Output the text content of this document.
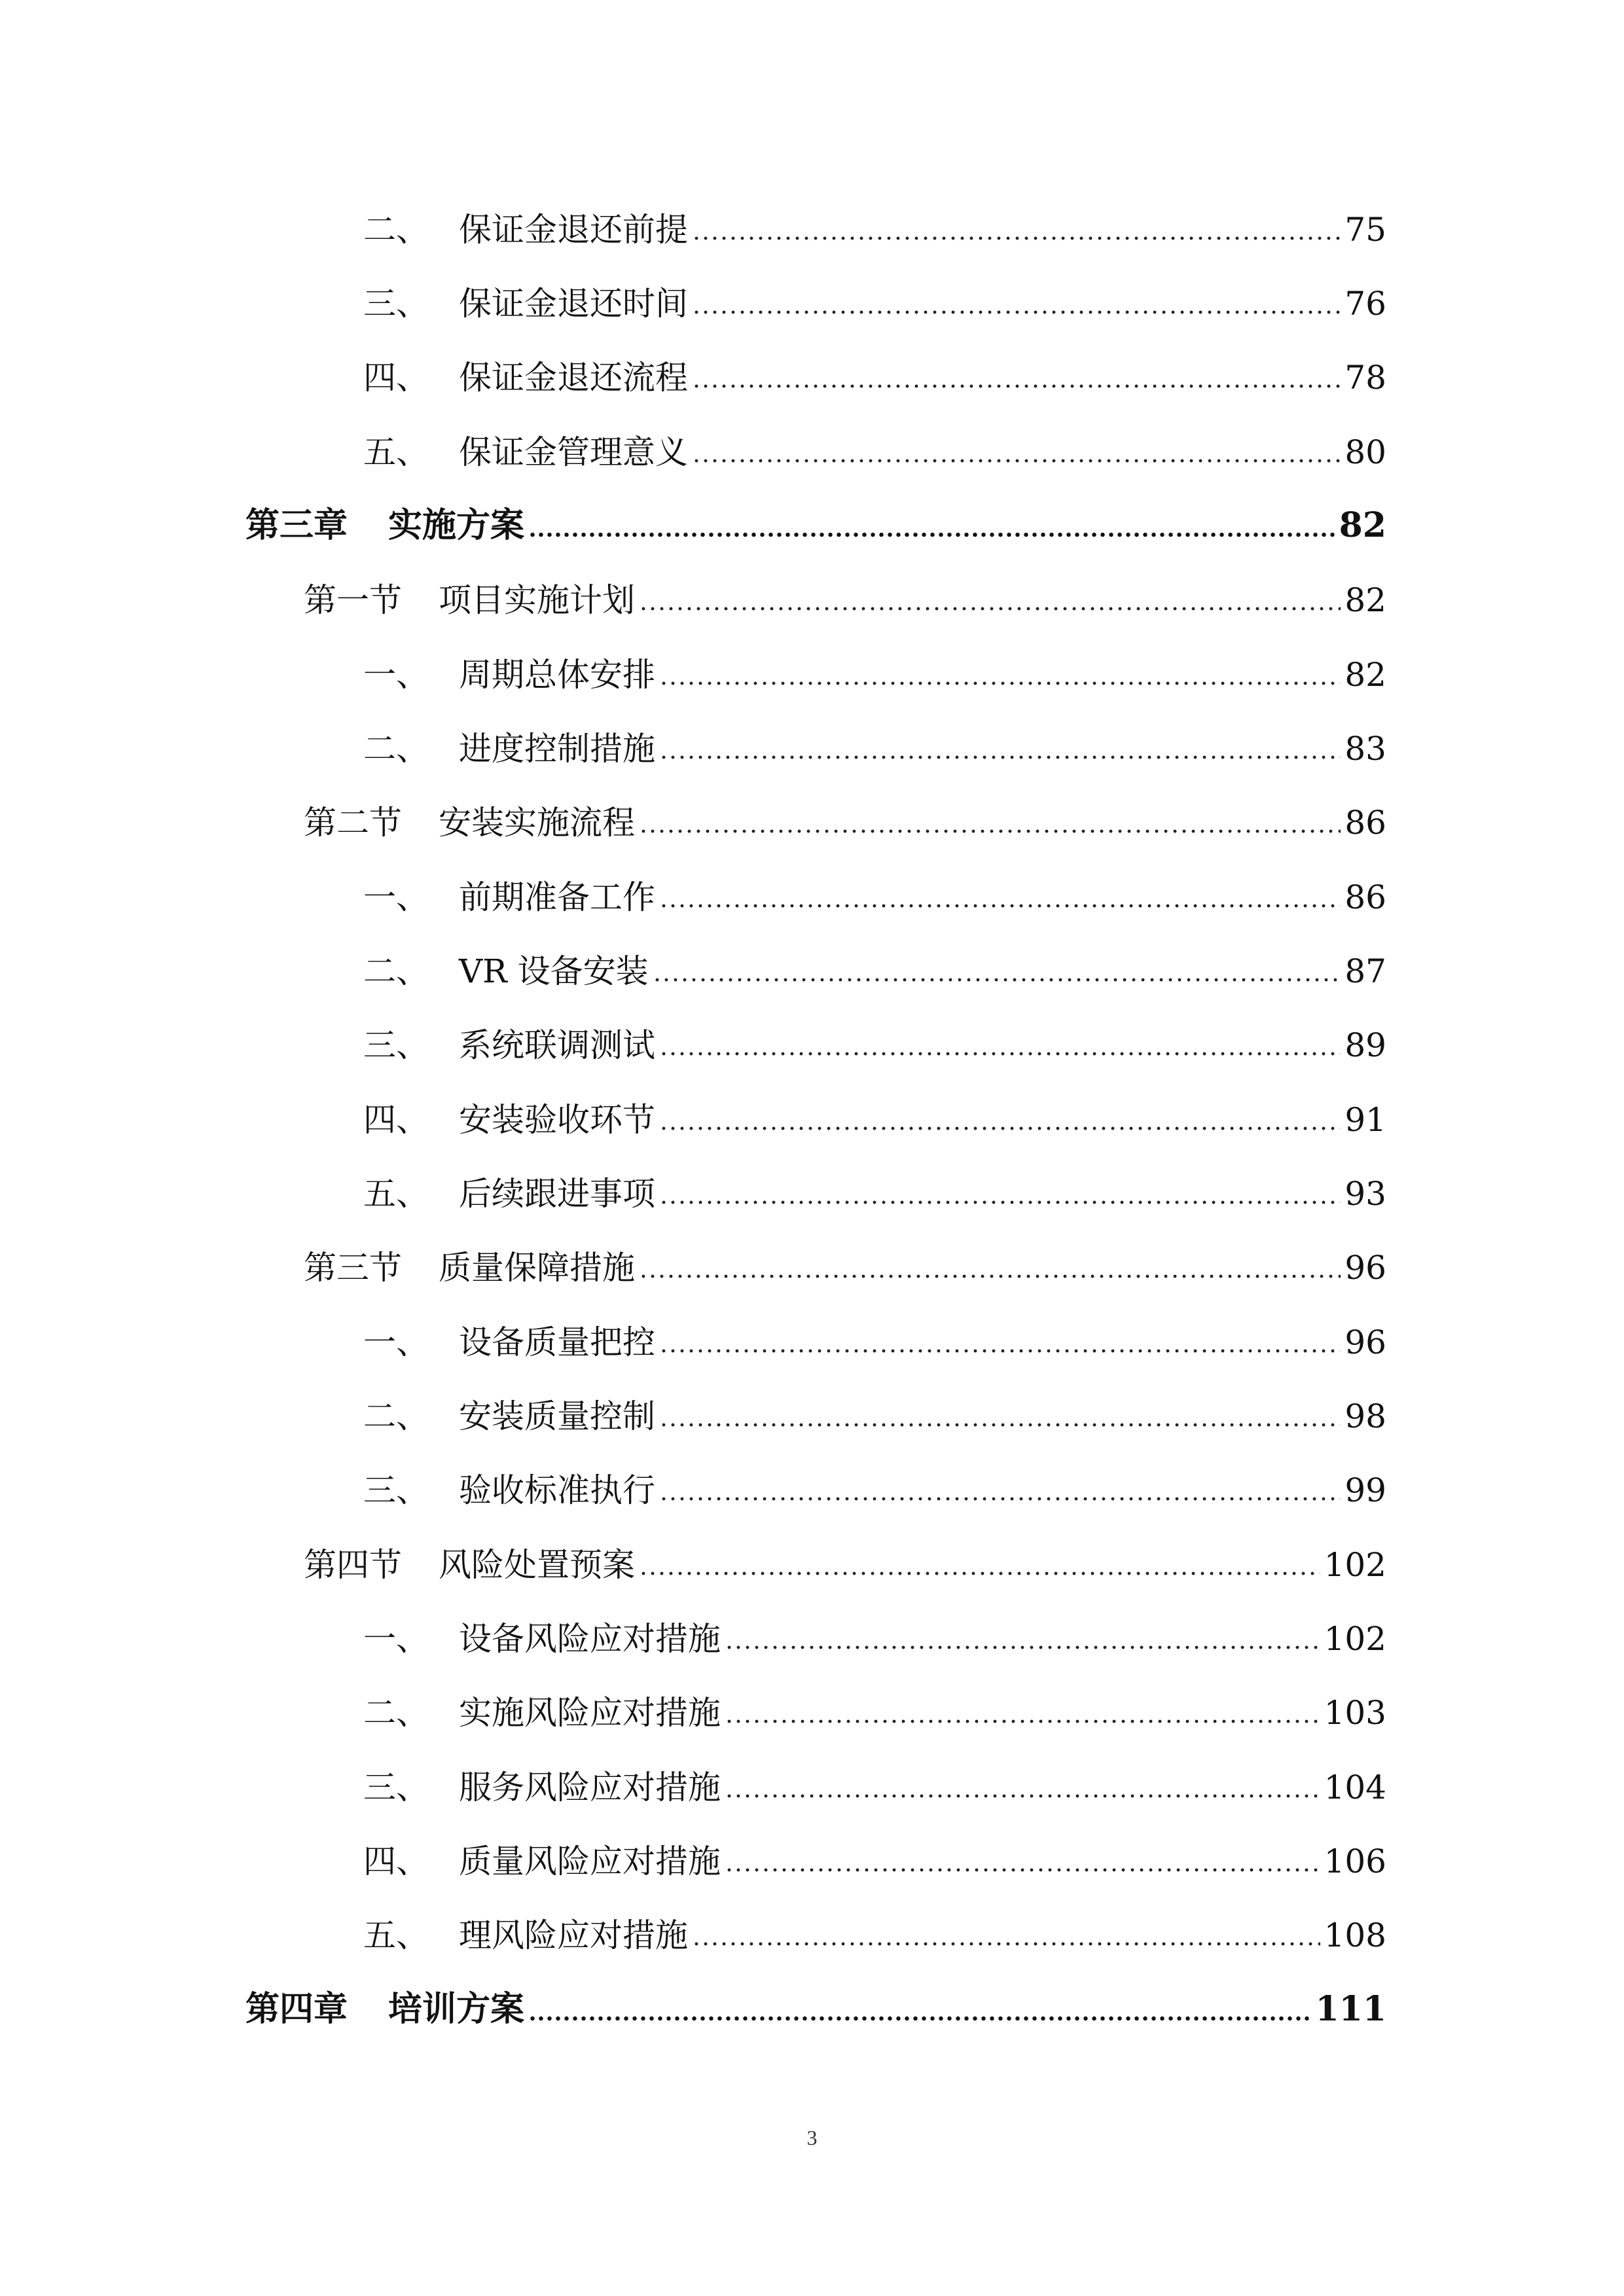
二、 保证金退还前提	75
三、 保证金退还时间	76
四、 保证金退还流程	78
五、 保证金管理意义	80
第三章	实施方案	82
第一节	项目实施计划	82
一、 周期总体安排	82
二、 进度控制措施	83
第二节	安装实施流程	86
一、 前期准备工作	86
二、 VR 设备安装	87
三、 系统联调测试	89
四、 安装验收环节	91
五、 后续跟进事项	93
第三节	质量保障措施	96
一、 设备质量把控	96
二、 安装质量控制	98
三、 验收标准执行	99
第四节	风险处置预案	102
一、 设备风险应对措施	102
二、 实施风险应对措施	103
三、 服务风险应对措施	104
四、 质量风险应对措施	106
五、 理风险应对措施	108
第四章	培训方案	111
3
